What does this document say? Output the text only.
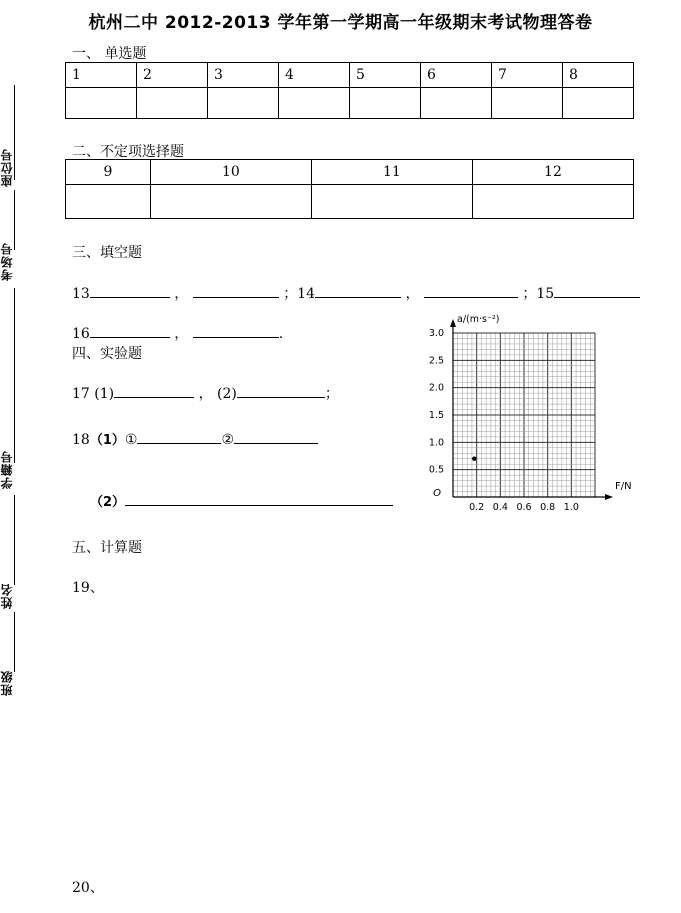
座位号
考场号
学籍号
姓名
班级
杭州二中 2012-2013 学年第一学期高一年级期末考试物理答卷
一、 单选题
1	2	3	4	5	6	7	8

二、不定项选择题
9	10	11	12

三、填空题
13	，	；14	，	；15
16	，	.
四、实验题
17 (1)	， (2)	；
18（1）①	②
（2）	0.2 0.4 0.6 0.8 1.0
0.5
1.0
1.5
2.0
2.5
3.0
O
a/(m·s⁻²)
F/N
五、计算题
19、
20、
